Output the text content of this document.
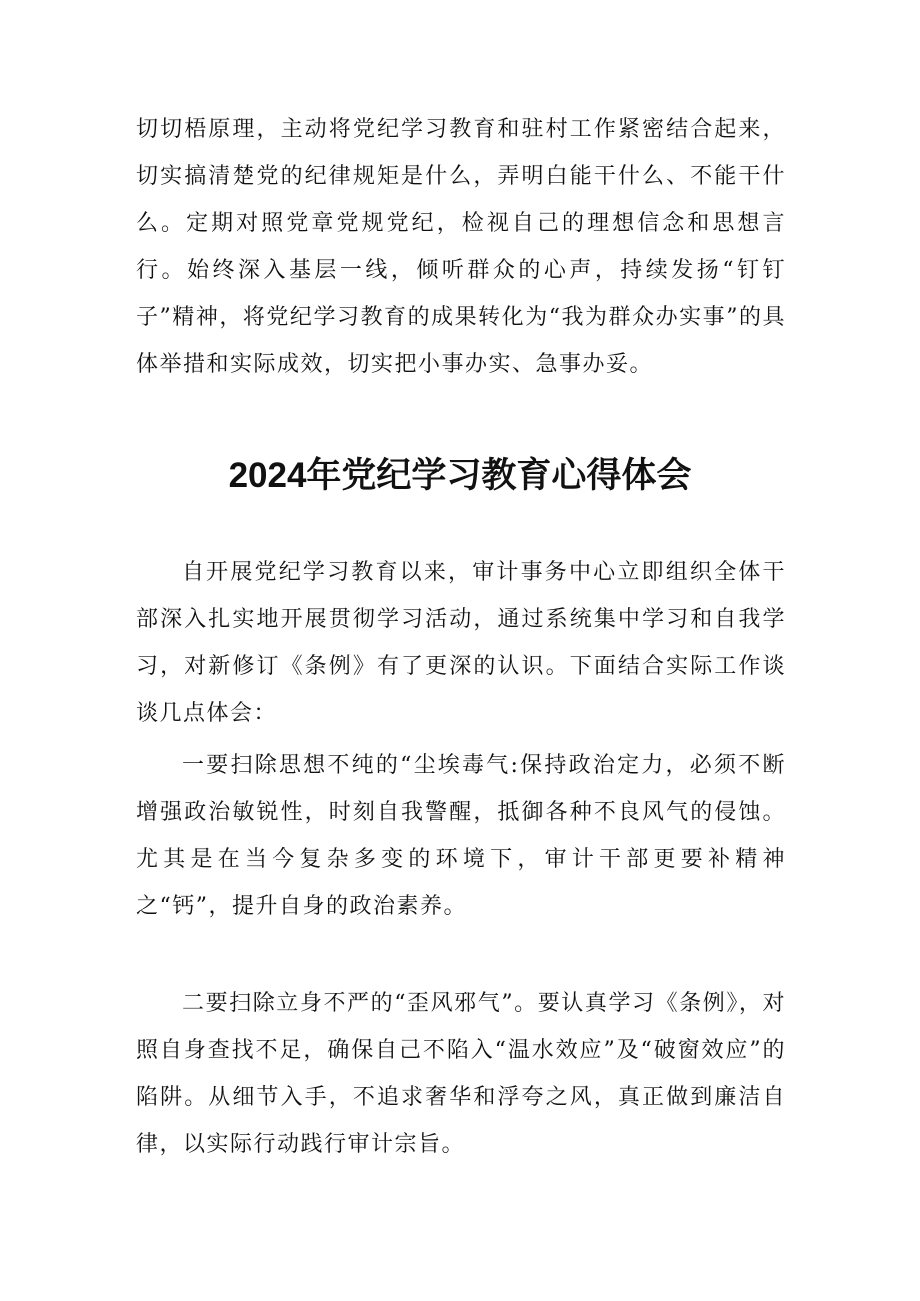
切切梧原理，主动将党纪学习教育和驻村工作紧密结合起来，切实搞清楚党的纪律规矩是什么，弄明白能干什么、不能干什么。定期对照党章党规党纪，检视自己的理想信念和思想言行。始终深入基层一线，倾听群众的心声，持续发扬“钉钉子”精神，将党纪学习教育的成果转化为“我为群众办实事”的具体举措和实际成效，切实把小事办实、急事办妥。

2024年党纪学习教育心得体会

自开展党纪学习教育以来，审计事务中心立即组织全体干部深入扎实地开展贯彻学习活动，通过系统集中学习和自我学习，对新修订《条例》有了更深的认识。下面结合实际工作谈谈几点体会：

一要扫除思想不纯的“尘埃毒气:保持政治定力，必须不断增强政治敏锐性，时刻自我警醒，抵御各种不良风气的侵蚀。尤其是在当今复杂多变的环境下，审计干部更要补精神之“钙”，提升自身的政治素养。

二要扫除立身不严的“歪风邪气”。要认真学习《条例》，对照自身查找不足，确保自己不陷入“温水效应”及“破窗效应”的陷阱。从细节入手，不追求奢华和浮夸之风，真正做到廉洁自律，以实际行动践行审计宗旨。
